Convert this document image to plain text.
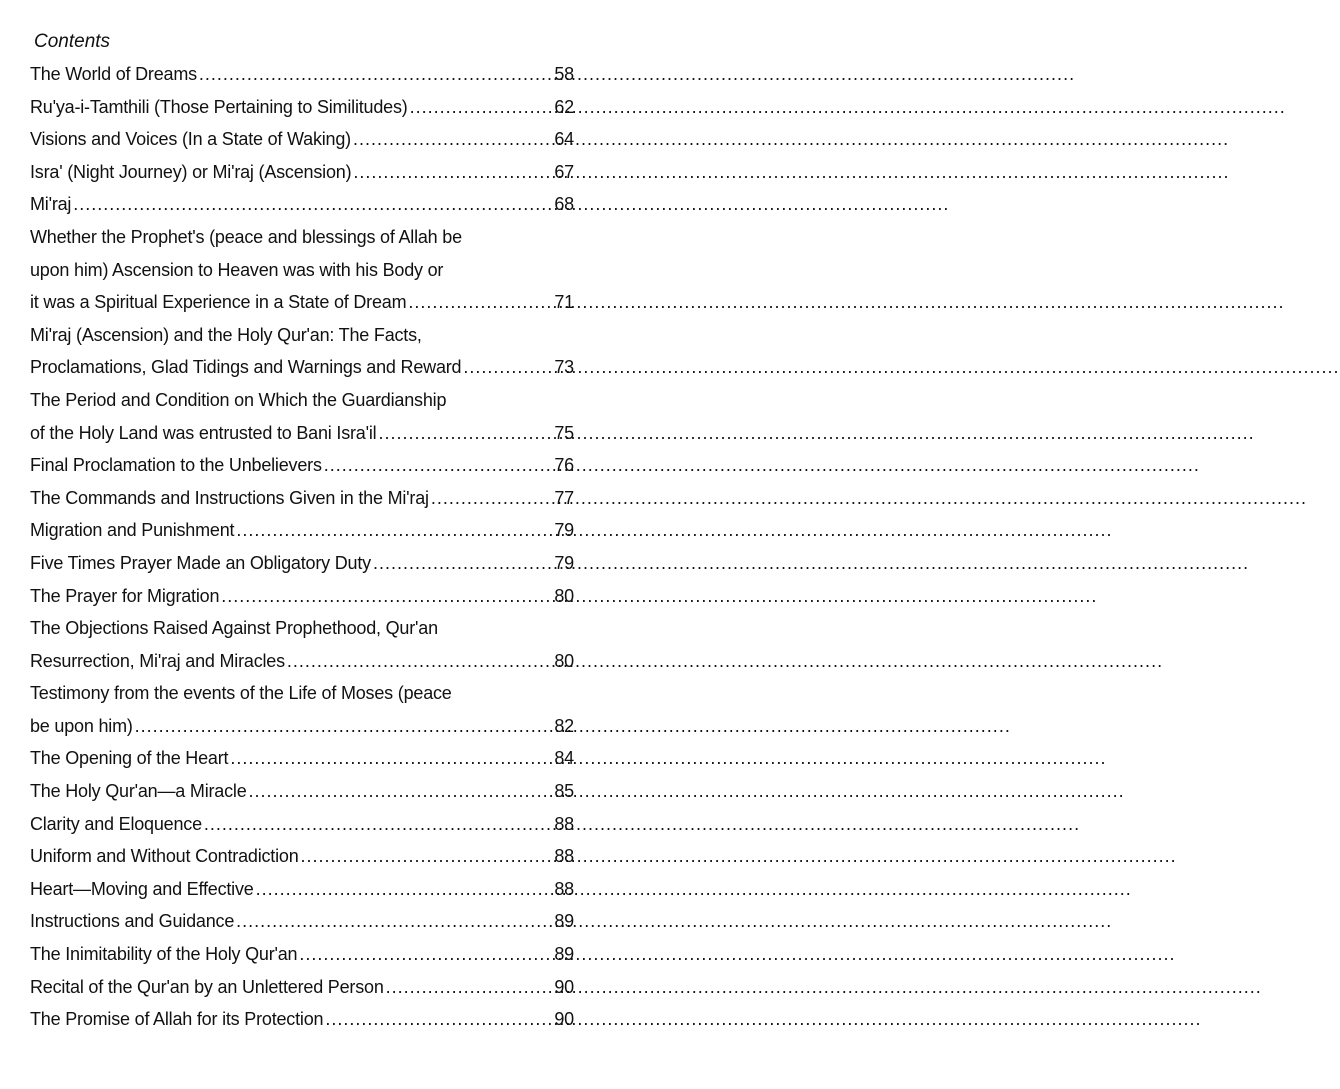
Contents
The World of Dreams .....	58
Ru'ya-i-Tamthili (Those Pertaining to Similitudes) .....	62
Visions and Voices (In a State of Waking) .....	64
Isra' (Night Journey) or Mi'raj (Ascension) .....	67
Mi'raj .....	68
Whether the Prophet's (peace and blessings of Allah be
upon him) Ascension to Heaven was with his Body or
it was a Spiritual Experience in a State of Dream .....	71
Mi'raj (Ascension) and the Holy Qur'an: The Facts,
Proclamations, Glad Tidings and Warnings and Reward .....	73
The Period and Condition on Which the Guardianship
of the Holy Land was entrusted to Bani Isra'il .....	75
Final Proclamation to the Unbelievers .....	76
The Commands and Instructions Given in the Mi'raj .....	77
Migration and Punishment .....	79
Five Times Prayer Made an Obligatory Duty .....	79
The Prayer for Migration .....	80
The Objections Raised Against Prophethood, Qur'an
Resurrection, Mi'raj and Miracles .....	80
Testimony from the events of the Life of Moses (peace
be upon him) .....	82
The Opening of the Heart .....	84
The Holy Qur'an—a Miracle .....	85
Clarity and Eloquence .....	88
Uniform and Without Contradiction .....	88
Heart—Moving and Effective .....	88
Instructions and Guidance .....	89
The Inimitability of the Holy Qur'an .....	89
Recital of the Qur'an by an Unlettered Person .....	90
The Promise of Allah for its Protection .....	90
